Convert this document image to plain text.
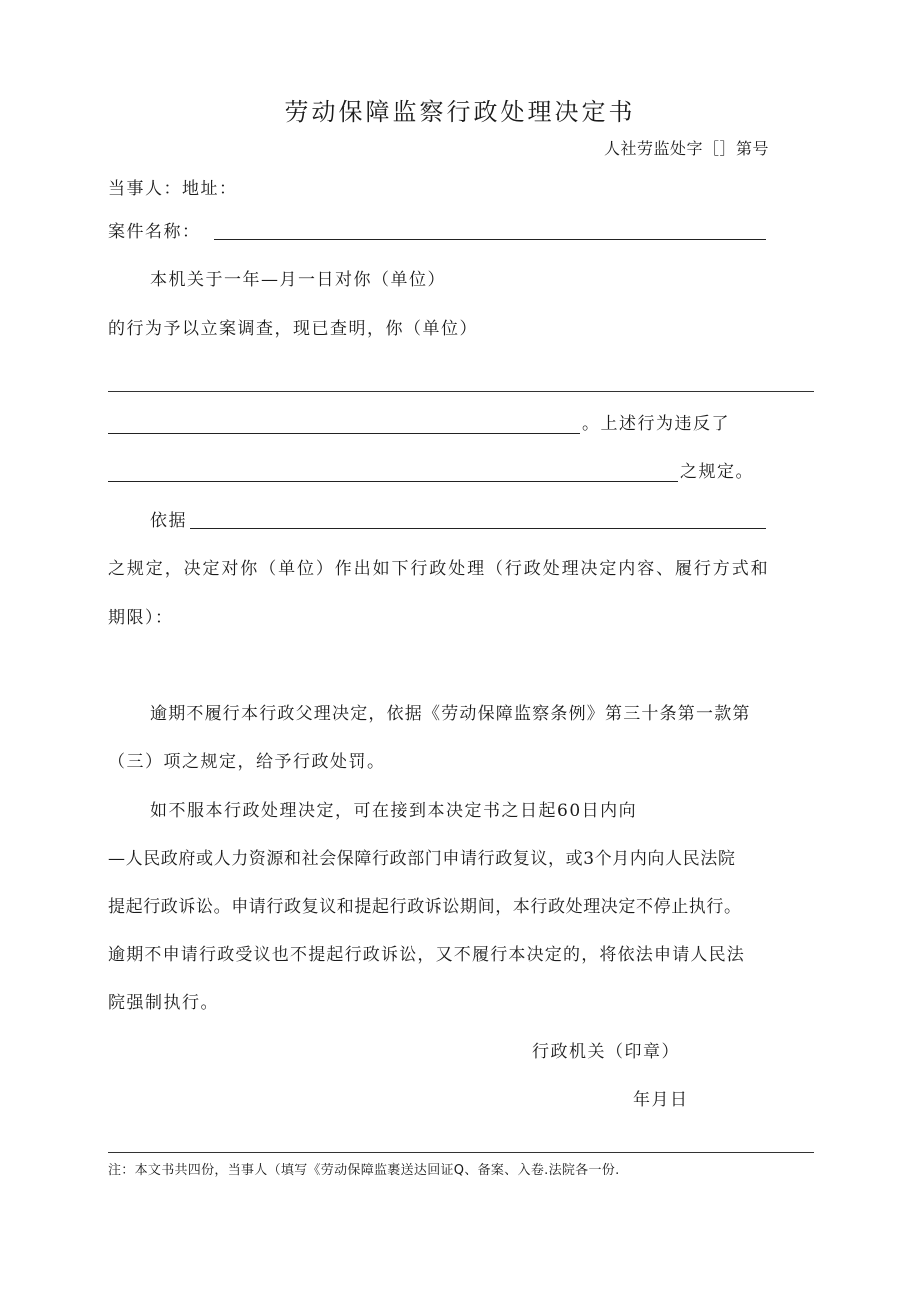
劳动保障监察行政处理决定书
人社劳监处字［］第号
当事人：地址：
案件名称：
本机关于一年—月一日对你（单位）
的行为予以立案调查，现已查明，你（单位）
。上述行为违反了
之规定。
依据
之规定，决定对你（单位）作出如下行政处理（行政处理决定内容、履行方式和
期限）：
逾期不履行本行政父理决定，依据《劳动保障监察条例》第三十条第一款第
（三）项之规定，给予行政处罚。
如不服本行政处理决定，可在接到本决定书之日起60日内向
—人民政府或人力资源和社会保障行政部门申请行政复议，或3个月内向人民法院
提起行政诉讼。申请行政复议和提起行政诉讼期间，本行政处理决定不停止执行。
逾期不申请行政受议也不提起行政诉讼，又不履行本决定的，将依法申请人民法
院强制执行。
行政机关（印章）
年月日
注：本文书共四份，当事人（填写《劳动保障监裹送达回证Q、备案、入卷.法院各一份.
